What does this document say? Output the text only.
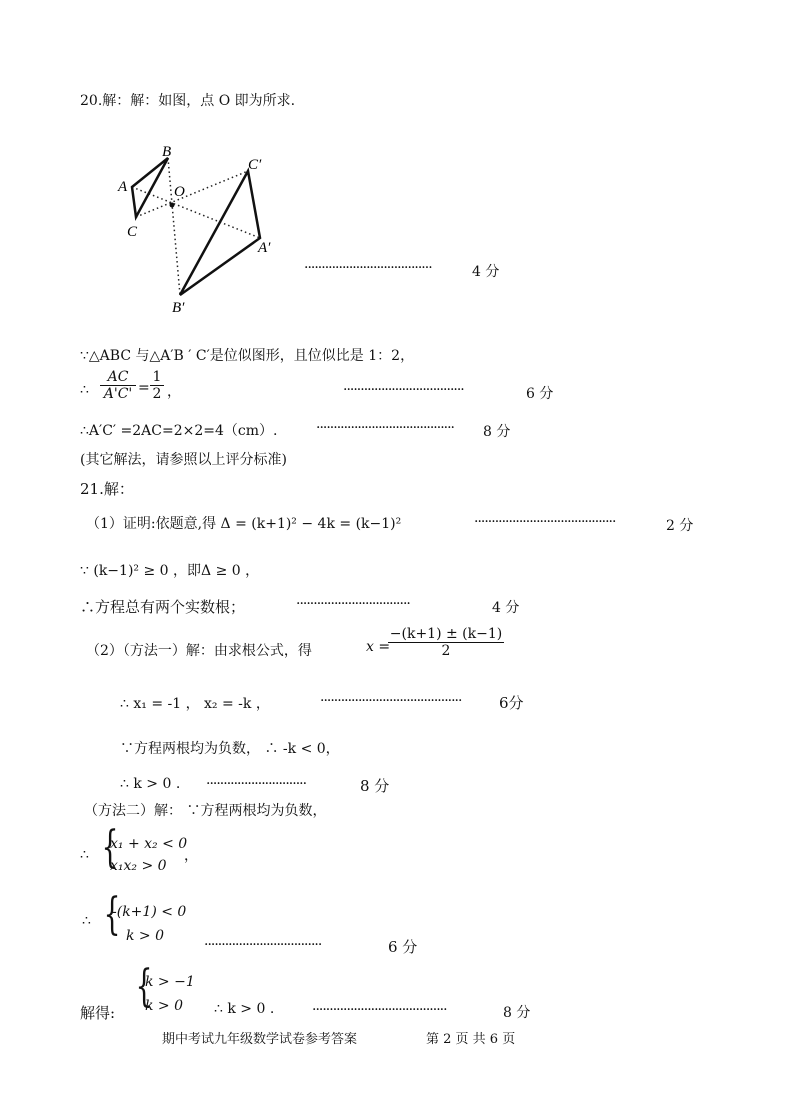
20.解：解：如图，点 O 即为所求.
B
A
C
O
C′
A′
B′
·····································	4 分
∵△ABC 与△A′B ′ C′是位似图形，且位似比是 1：2，
∴ $\frac{AC}{A'C'} = \frac{1}{2}$ ，	···································	6 分
∴A′C′ =2AC=2×2=4（cm）.	········································ 8 分
(其它解法，请参照以上评分标准)
21.解：
（1）证明:依题意,得 Δ = (k+1)² − 4k = (k−1)²	·········································	2 分
∵ (k−1)² ≥ 0 ，即Δ ≥ 0 ，
∴方程总有两个实数根；	·································	4 分
（2）（方法一）解：由求根公式，得	x =
$\frac{-(k+1) \pm (k-1)}{2}$
∴ x₁ = -1 ， x₂ = -k ，	·········································	6分
∵方程两根均为负数， ∴ -k < 0，
∴ k > 0 . ·····························	8 分
（方法二）解： ∵方程两根均为负数，
∴ {
x₁ + x₂ < 0
x₁x₂ > 0
，
∴ {
-(k+1) < 0
k > 0
··································	6 分
解得:
{
k > −1
k > 0	∴ k > 0 .	·······································	8 分
期中考试九年级数学试卷参考答案	第 2 页 共 6 页
